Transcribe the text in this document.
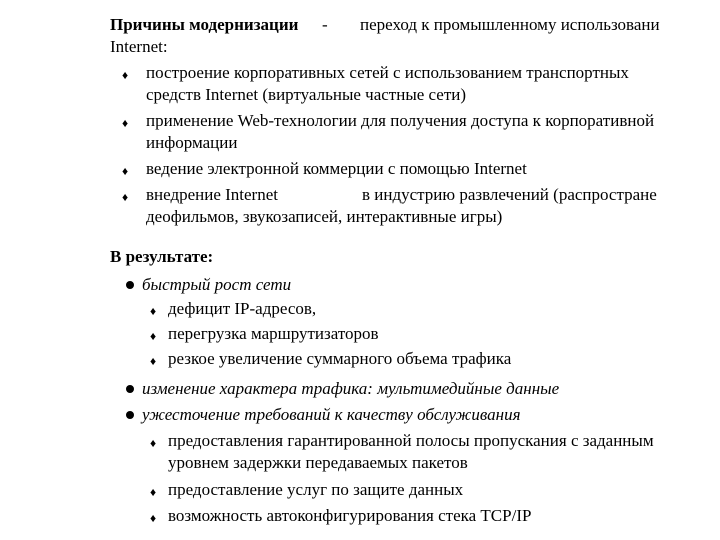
Причины модернизации - переход к промышленному использовани
Internet:
♦ построение корпоративных сетей с использованием транспортных
средств Internet (виртуальные частные сети)
♦ применение Web-технологии для получения доступа к корпоративной
информации
♦ ведение электронной коммерции с помощью Internet
♦ внедрение Internet	в индустрию развлечений (распростране
деофильмов, звукозаписей, интерактивные игры)
В результате:
быстрый рост сети
♦ дефицит IP-адресов,
♦ перегрузка маршрутизаторов
♦ резкое увеличение суммарного объема трафика
изменение характера трафика: мультимедийные данные
ужесточение требований к качеству обслуживания
♦ предоставления гарантированной полосы пропускания с заданным
уровнем задержки передаваемых пакетов
♦ предоставление услуг по защите данных
♦ возможность автоконфигурирования стека TCP/IP
